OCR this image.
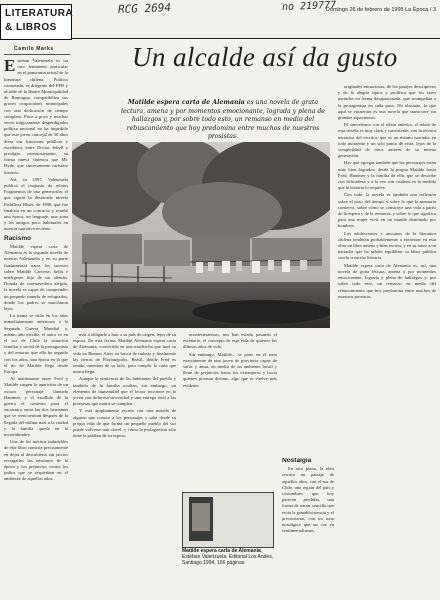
LITERATURA
& LIBROS
RCG 2694	no 219777
Domingo 26 de febrero de 1995 La Época / 3
Camilo Marks	Un alcalde así da gusto
Matilde espera carta de Alemania es una novela de grata lectura, amena y por momentos emocionante, lograda y plena de hallazgos y, por sobre todo esto, un remanso en medio del rebuscamiento que hoy predomina entre muchos de nuestros prosistas.

Esteban Valenzuela es un raro fenómeno particular en el panorama actual de la literatura chilena. Político connotado, es dirigente del PPD y alcalde de la Ilustre Municipalidad de Rancagua, compatibiliza sus graves ocupaciones municipales con una dedicación de tiempo completo. Poco a poco y muchas veces trágicamente desperdigados política nacional no ha impedido que este joven concejal de 30 años diera sus funciones públicas y escribiera, entre Doctor Jekyll y prestigio ostentosamente, su forma nueva siniestra que Mr. Hyde, que sinceramente carísimo literario.

Así, en 1997, Valenzuela publicó el conjunto de relatos Fragmentos de una generación, al que siguió la destacada novela Pichiliwa Blues, de 1990, que fue finalista en un concurso y reseñó una época, un lenguaje, una zona y los amigos poco habituales en nuestra narrativa reciente.

Racismo

Matilde espera carta de Alemania es la segunda novela de nuestro Valenzuela y en su parte fundamental narra los sucesos sobre Matilde Carvene, bella e inteligente hija de un alemán. Dotada de conmovedora alegría, la novela es capaz de comprender un pequeño mundo de refugiados, donde los padres se marcharon lejos.

La trama se sitúa en los años inmediatamente anteriores a la Segunda Guerra Mundial y, mismo año escribe, el autor ve en el sur de Chile la situación familiar y social de la protagonista y del entorno que ella ha seguido con los años, una época en la que el tío de Matilde llega desde Europa.

Al matrimonio entre Fred y Matilde surgen la aparición de un oscuro personaje llamado Hammer, y el estallido de la guerra el contexto para el encuentro entre las dos hermanas que se reencuentran después de la llegada del militar nazi a la ciudad y la familia queda en la incertidumbre.

Uno de los méritos indudables de este libro consiste precisamente en dejar al descubierto sin juicios recargados las tensiones de la época y los prejuicios contra los judíos que se respiraban en el ambiente de aquellos años.

más a obligarle a huir a su país de origen, lejos de su esposa. De esta forma, Matilde Alemania espera carta de Alemania, convertida en una muchacha que hará su vida en Buenos Aires en busca de trabajo y finalmente las tierras de Florianópolis, Brasil, donde Fred es tenido, mientras de su lado, para cumplir la carta que nunca llega.

Aunque la virulencia de los habitantes del pueblo y también de la familia ocultan, sin embargo, un elemento de humanidad que el lector reconoce en la joven con dolorosa sinceridad y una entrega total a las promesas que nunca se cumplen.

Y está ampliamente escrita con una mirada de alguien que conoce a los personajes y sabe desde su propia vida de qué forma un pequeño pueblo del sur puede volverse una cárcel, y cómo la protagonista sólo tiene la palabra de su esposo.

acontecimientos, nos han estado pasando el escenario, el concepto de esta vida de quienes los últimos años de vida.

Sin embargo, Matilde... se pone en el tono exactamente de una joven de provincia capaz de sufrir y amar, en medio de un ambiente hostil y lleno de prejuicios hacia los extranjeros y hacia quienes piensan distinto, algo que se vuelve más evidente.

Nostalgia

En otro plano, la obra rescata un paisaje de aquellos años, con el sur de Chile, una región del país y costumbres que hoy parecen perdidas, una forma de narrar sencilla que evita la grandilocuencia y el preciosismo, con un tono nostálgico que no cae en sentimentalismos.

Matilde espera carta de Alemania, Esteban Valenzuela. Editorial Los Andes, Santiago 1994, 166 páginas.

originales minuciosas, de los pasajes descriptivos y de la alegría típica y prolífica que los seres narrados en forma desapasionada, que acompañan a la protagonista en cada paso. No obstante, lo que aquí se encuentra es una novela que transcurre sin grandes aspavientos.

El sincretismo con el relato anterior, el relato de esta novela es muy claro y consistente, con la técnica narrativa del escritor, que es un mismo narrador en todo momento y un solo punto de vista, lejos de la complejidad de otros autores de su misma generación.

Hay que agregar también que los personajes están muy bien logrados, desde la propia Matilde hasta Fred, Hammer y la familia de ella, que se describe con delicadeza y a la vez con crudeza en la medida que la historia lo requiere.

Con todo, la novela es también una reflexión sobre el paso del tiempo y sobre lo que la memoria conserva, sobre cómo se construye una vida a partir de la espera y de la renuncia, y sobre lo que significa para una mujer vivir en un mundo dominado por hombres.

Los adolescentes y ancianos de la literatura chilena tenderán probablemente a encontrar en esta obra un libro ameno y bien escrito, y en su autor a un narrador que ha sabido equilibrar su labor pública con la creación literaria.

Matilde espera carta de Alemania es, así, una novela de grata lectura, amena y por momentos emocionante, lograda y plena de hallazgos y, por sobre todo esto, un remanso en medio del rebuscamiento que hoy predomina entre muchos de nuestros prosistas.
